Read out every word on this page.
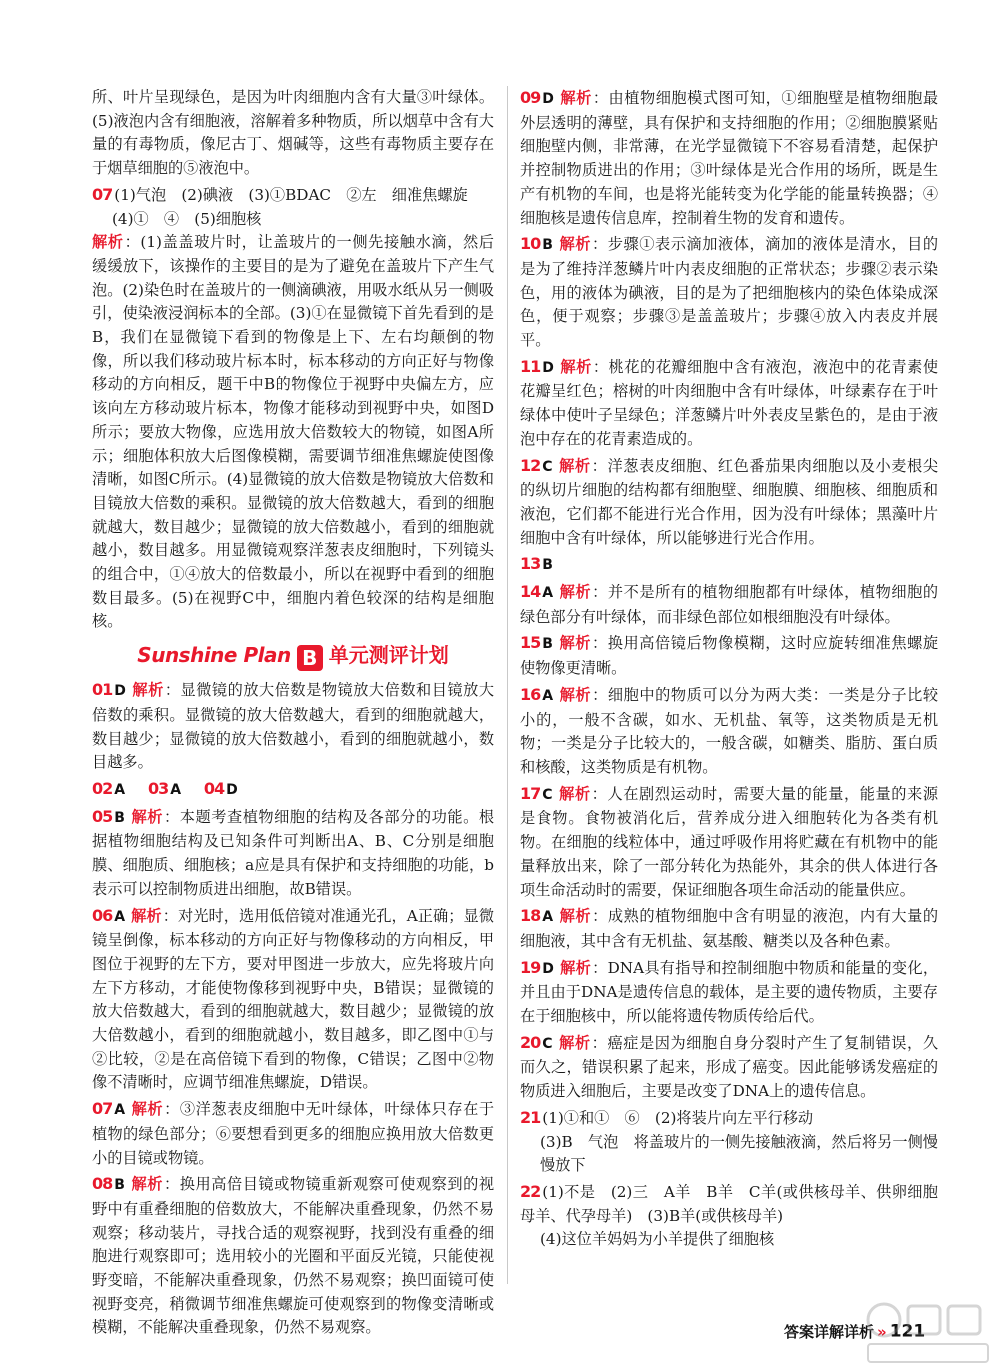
所、叶片呈现绿色，是因为叶肉细胞内含有大量③叶绿体。(5)液泡内含有细胞液，溶解着多种物质，所以烟草中含有大量的有毒物质，像尼古丁、烟碱等，这些有毒物质主要存在于烟草细胞的⑤液泡中。

07 (1)气泡　(2)碘液　(3)①BDAC　②左　细准焦螺旋
(4)①　④　(5)细胞核
解析：(1)盖盖玻片时，让盖玻片的一侧先接触水滴，然后缓缓放下，该操作的主要目的是为了避免在盖玻片下产生气泡。(2)染色时在盖玻片的一侧滴碘液，用吸水纸从另一侧吸引，使染液浸润标本的全部。(3)①在显微镜下首先看到的是B，我们在显微镜下看到的物像是上下、左右均颠倒的物像，所以我们移动玻片标本时，标本移动的方向正好与物像移动的方向相反，题干中B的物像位于视野中央偏左方，应该向左方移动玻片标本，物像才能移动到视野中央，如图D所示；要放大物像，应选用放大倍数较大的物镜，如图A所示；细胞体积放大后图像模糊，需要调节细准焦螺旋使图像清晰，如图C所示。(4)显微镜的放大倍数是物镜放大倍数和目镜放大倍数的乘积。显微镜的放大倍数越大，看到的细胞就越大，数目越少；显微镜的放大倍数越小，看到的细胞就越小，数目越多。用显微镜观察洋葱表皮细胞时，下列镜头的组合中，①④放大的倍数最小，所以在视野中看到的细胞数目最多。(5)在视野C中，细胞内着色较深的结构是细胞核。
Sunshine Plan B 单元测评计划

01 D 解析：显微镜的放大倍数是物镜放大倍数和目镜放大倍数的乘积。显微镜的放大倍数越大，看到的细胞就越大，数目越少；显微镜的放大倍数越小，看到的细胞就越小，数目越多。

02 A 03 A 04 D

05 B 解析：本题考查植物细胞的结构及各部分的功能。根据植物细胞结构及已知条件可判断出A、B、C分别是细胞膜、细胞质、细胞核；a应是具有保护和支持细胞的功能，b表示可以控制物质进出细胞，故B错误。

06 A 解析：对光时，选用低倍镜对准通光孔，A正确；显微镜呈倒像，标本移动的方向正好与物像移动的方向相反，甲图位于视野的左下方，要对甲图进一步放大，应先将玻片向左下方移动，才能使物像移到视野中央，B错误；显微镜的放大倍数越大，看到的细胞就越大，数目越少；显微镜的放大倍数越小，看到的细胞就越小，数目越多，即乙图中①与②比较，②是在高倍镜下看到的物像，C错误；乙图中②物像不清晰时，应调节细准焦螺旋，D错误。

07 A 解析：③洋葱表皮细胞中无叶绿体，叶绿体只存在于植物的绿色部分；⑥要想看到更多的细胞应换用放大倍数更小的目镜或物镜。

08 B 解析：换用高倍目镜或物镜重新观察可使观察到的视野中有重叠细胞的倍数放大，不能解决重叠现象，仍然不易观察；移动装片，寻找合适的观察视野，找到没有重叠的细胞进行观察即可；选用较小的光圈和平面反光镜，只能使视野变暗，不能解决重叠现象，仍然不易观察；换凹面镜可使视野变亮，稍微调节细准焦螺旋可使观察到的物像变清晰或模糊，不能解决重叠现象，仍然不易观察。

09 D 解析：由植物细胞模式图可知，①细胞壁是植物细胞最外层透明的薄壁，具有保护和支持细胞的作用；②细胞膜紧贴细胞壁内侧，非常薄，在光学显微镜下不容易看清楚，起保护并控制物质进出的作用；③叶绿体是光合作用的场所，既是生产有机物的车间，也是将光能转变为化学能的能量转换器；④细胞核是遗传信息库，控制着生物的发育和遗传。

10 B 解析：步骤①表示滴加液体，滴加的液体是清水，目的是为了维持洋葱鳞片叶内表皮细胞的正常状态；步骤②表示染色，用的液体为碘液，目的是为了把细胞核内的染色体染成深色，便于观察；步骤③是盖盖玻片；步骤④放入内表皮并展平。

11 D 解析：桃花的花瓣细胞中含有液泡，液泡中的花青素使花瓣呈红色；榕树的叶肉细胞中含有叶绿体，叶绿素存在于叶绿体中使叶子呈绿色；洋葱鳞片叶外表皮呈紫色的，是由于液泡中存在的花青素造成的。

12 C 解析：洋葱表皮细胞、红色番茄果肉细胞以及小麦根尖的纵切片细胞的结构都有细胞壁、细胞膜、细胞核、细胞质和液泡，它们都不能进行光合作用，因为没有叶绿体；黑藻叶片细胞中含有叶绿体，所以能够进行光合作用。

13 B

14 A 解析：并不是所有的植物细胞都有叶绿体，植物细胞的绿色部分有叶绿体，而非绿色部位如根细胞没有叶绿体。

15 B 解析：换用高倍镜后物像模糊，这时应旋转细准焦螺旋使物像更清晰。

16 A 解析：细胞中的物质可以分为两大类：一类是分子比较小的，一般不含碳，如水、无机盐、氧等，这类物质是无机物；一类是分子比较大的，一般含碳，如糖类、脂肪、蛋白质和核酸，这类物质是有机物。

17 C 解析：人在剧烈运动时，需要大量的能量，能量的来源是食物。食物被消化后，营养成分进入细胞转化为各类有机物。在细胞的线粒体中，通过呼吸作用将贮藏在有机物中的能量释放出来，除了一部分转化为热能外，其余的供人体进行各项生命活动时的需要，保证细胞各项生命活动的能量供应。

18 A 解析：成熟的植物细胞中含有明显的液泡，内有大量的细胞液，其中含有无机盐、氨基酸、糖类以及各种色素。

19 D 解析：DNA具有指导和控制细胞中物质和能量的变化，并且由于DNA是遗传信息的载体，是主要的遗传物质，主要存在于细胞核中，所以能将遗传物质传给后代。

20 C 解析：癌症是因为细胞自身分裂时产生了复制错误，久而久之，错误积累了起来，形成了癌变。因此能够诱发癌症的物质进入细胞后，主要是改变了DNA上的遗传信息。

21 (1)①和①　⑥　(2)将装片向左平行移动
(3)B　气泡　将盖玻片的一侧先接触液滴，然后将另一侧慢慢放下
22 (1)不是　(2)三　A羊　B羊　C羊(或供核母羊、供卵细胞母羊、代孕母羊)　(3)B羊(或供核母羊)
(4)这位羊妈妈为小羊提供了细胞核
答案详解详析 » 121
